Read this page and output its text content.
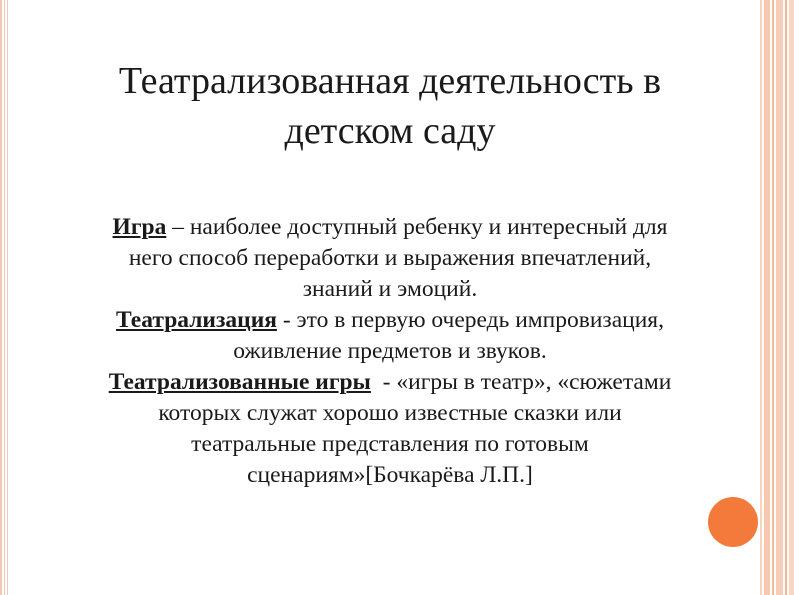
Театрализованная деятельность в
детском саду

Игра – наиболее доступный ребенку и интересный для
него способ переработки и выражения впечатлений,
знаний и эмоций.

Театрализация - это в первую очередь импровизация,
оживление предметов и звуков.

Театрализованные игры  - «игры в театр», «сюжетами
которых служат хорошо известные сказки или
театральные представления по готовым
сценариям»[Бочкарёва Л.П.]
